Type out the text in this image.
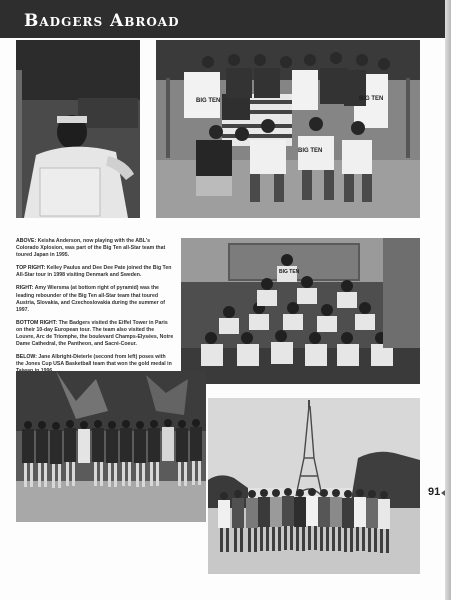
Badgers Abroad
BIG TEN
BIG TEN
BIG TEN

ABOVE: Keisha Anderson, now playing with the ABL's Colorado Xplosion, was part of the Big Ten all-Star team that toured Japan in 1995.

TOP RIGHT: Kelley Paulus and Dee Dee Pate joined the Big Ten All-Star tour in 1998 visiting Denmark and Sweden.

RIGHT: Amy Wiersma (at bottom right of pyramid) was the leading rebounder of the Big Ten all-Star team that toured Austria, Slovakia, and Czechoslovakia during the summer of 1997.

BOTTOM RIGHT: The Badgers visited the Eiffel Tower in Paris on their 10-day European tour. The team also visited the Louvre, Arc de Triomphe, the boulevard Champs-Elysées, Notre Dame Cathedral, the Pantheon, and Sacré-Coeur.

BELOW: Jane Albright-Dieterle (second from left) poses with the Jones Cup USA Basketball team that won the gold medal in

BIG TEN
91
